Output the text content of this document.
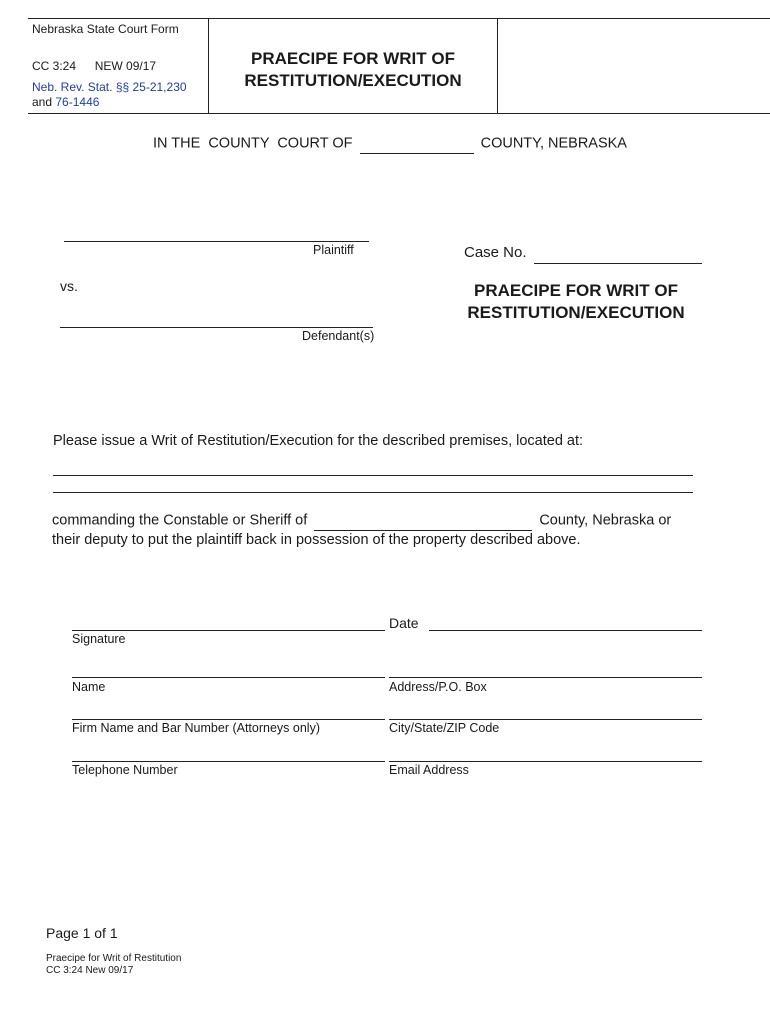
Nebraska State Court Form
CC 3:24 NEW 09/17
Neb. Rev. Stat. §§ 25-21,230
and 76-1446
PRAECIPE FOR WRIT OF
RESTITUTION/EXECUTION
IN THE  COUNTY  COURT OF	COUNTY, NEBRASKA
Plaintiff
vs.
Defendant(s)
Case No.
PRAECIPE FOR WRIT OF
RESTITUTION/EXECUTION
Please issue a Writ of Restitution/Execution for the described premises, located at:
commanding the Constable or Sheriff of	County, Nebraska or
their deputy to put the plaintiff back in possession of the property described above.
Date
Signature
Name	Address/P.O. Box
Firm Name and Bar Number (Attorneys only)	City/State/ZIP Code
Telephone Number	Email Address
Page 1 of 1
Praecipe for Writ of Restitution
CC 3:24 New 09/17
